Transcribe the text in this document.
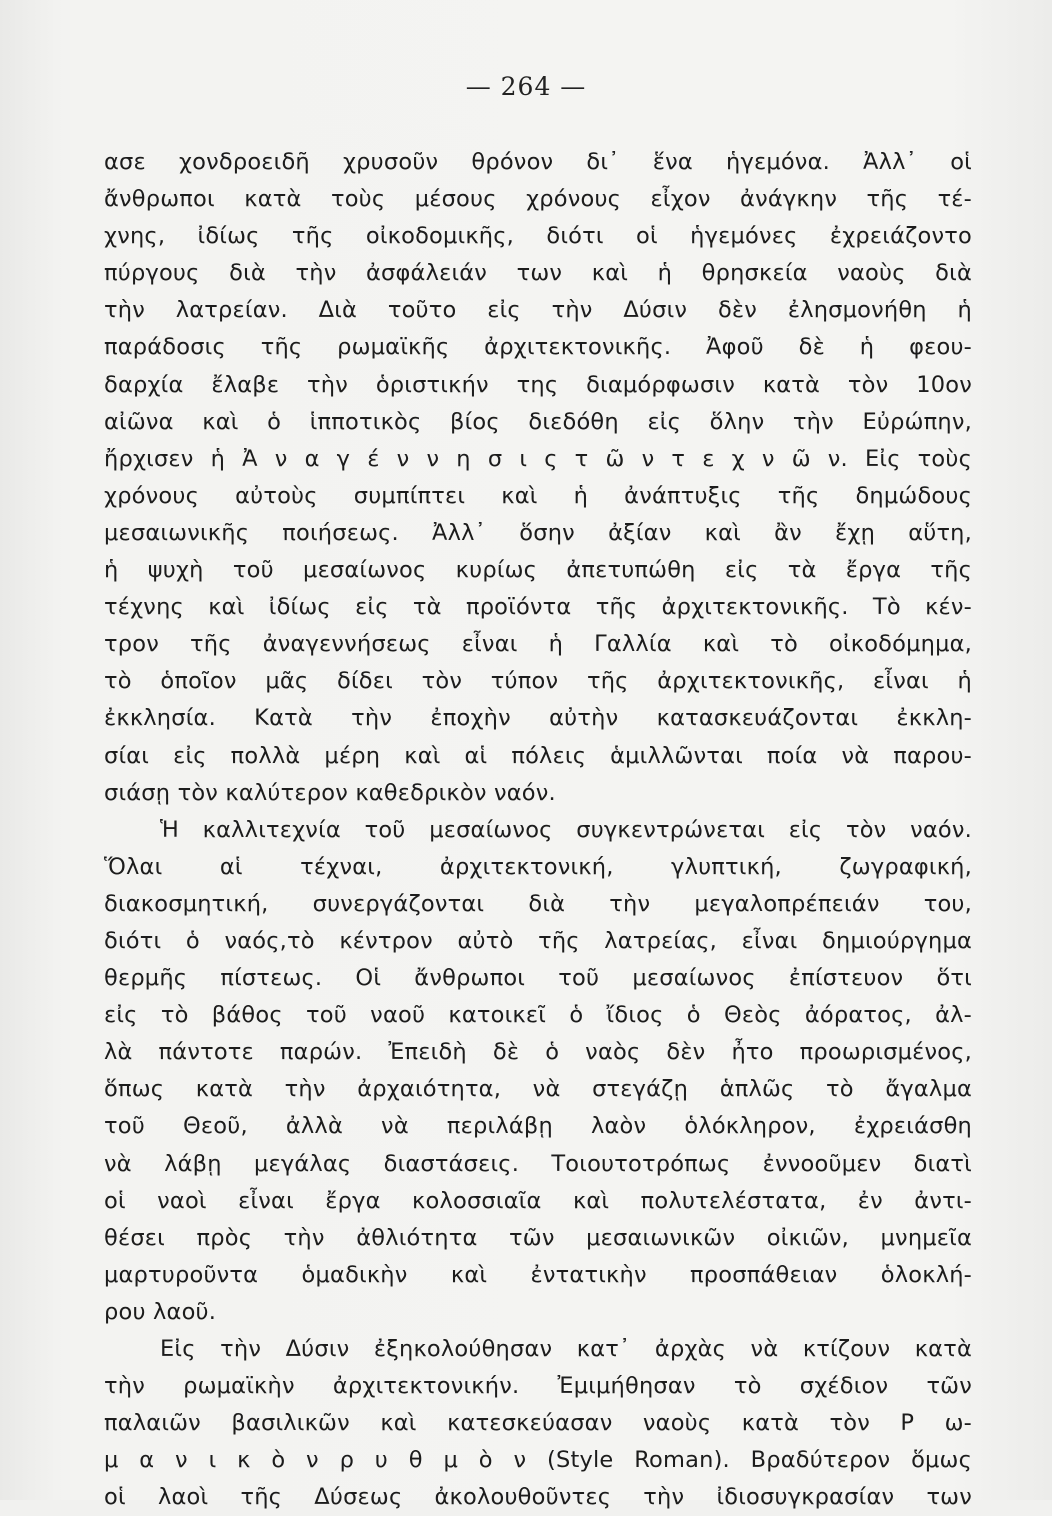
— 264 —
ασε χονδροειδῆ χρυσοῦν θρόνον δι᾽ ἕνα ἡγεμόνα. Ἀλλ᾽ οἱ
ἄνθρωποι κατὰ τοὺς μέσους χρόνους εἶχον ἀνάγκην τῆς τέ-
χνης, ἰδίως τῆς οἰκοδομικῆς, διότι οἱ ἡγεμόνες ἐχρειάζοντο
πύργους διὰ τὴν ἀσφάλειάν των καὶ ἡ θρησκεία ναοὺς διὰ
τὴν λατρείαν. Διὰ τοῦτο εἰς τὴν Δύσιν δὲν ἐλησμονήθη ἡ
παράδοσις τῆς ρωμαϊκῆς ἀρχιτεκτονικῆς. Ἀφοῦ δὲ ἡ φεου-
δαρχία ἔλαβε τὴν ὁριστικήν της διαμόρφωσιν κατὰ τὸν 10ον
αἰῶνα καὶ ὁ ἱπποτικὸς βίος διεδόθη εἰς ὅλην τὴν Εὐρώπην,
ἤρχισεν ἡ Ἀ ν α γ έ ν ν η σ ι ς τ ῶ ν τ ε χ ν ῶ ν. Εἰς τοὺς
χρόνους αὐτοὺς συμπίπτει καὶ ἡ ἀνάπτυξις τῆς δημώδους
μεσαιωνικῆς ποιήσεως. Ἀλλ᾽ ὅσην ἀξίαν καὶ ἂν ἔχῃ αὕτη,
ἡ ψυχὴ τοῦ μεσαίωνος κυρίως ἀπετυπώθη εἰς τὰ ἔργα τῆς
τέχνης καὶ ἰδίως εἰς τὰ προϊόντα τῆς ἀρχιτεκτονικῆς. Τὸ κέν-
τρον τῆς ἀναγεννήσεως εἶναι ἡ Γαλλία καὶ τὸ οἰκοδόμημα,
τὸ ὁποῖον μᾶς δίδει τὸν τύπον τῆς ἀρχιτεκτονικῆς, εἶναι ἡ
ἐκκλησία. Κατὰ τὴν ἐποχὴν αὐτὴν κατασκευάζονται ἐκκλη-
σίαι εἰς πολλὰ μέρη καὶ αἱ πόλεις ἁμιλλῶνται ποία νὰ παρου-
σιάσῃ τὸν καλύτερον καθεδρικὸν ναόν.
Ἡ καλλιτεχνία τοῦ μεσαίωνος συγκεντρώνεται εἰς τὸν ναόν.
Ὅλαι αἱ τέχναι, ἀρχιτεκτονική, γλυπτική, ζωγραφική,
διακοσμητική, συνεργάζονται διὰ τὴν μεγαλοπρέπειάν του,
διότι ὁ ναός,τὸ κέντρον αὐτὸ τῆς λατρείας, εἶναι δημιούργημα
θερμῆς πίστεως. Οἱ ἄνθρωποι τοῦ μεσαίωνος ἐπίστευον ὅτι
εἰς τὸ βάθος τοῦ ναοῦ κατοικεῖ ὁ ἴδιος ὁ Θεὸς ἀόρατος, ἀλ-
λὰ πάντοτε παρών. Ἐπειδὴ δὲ ὁ ναὸς δὲν ἦτο προωρισμένος,
ὅπως κατὰ τὴν ἀρχαιότητα, νὰ στεγάζῃ ἁπλῶς τὸ ἄγαλμα
τοῦ Θεοῦ, ἀλλὰ νὰ περιλάβῃ λαὸν ὁλόκληρον, ἐχρειάσθη
νὰ λάβῃ μεγάλας διαστάσεις. Τοιουτοτρόπως ἐννοοῦμεν διατὶ
οἱ ναοὶ εἶναι ἔργα κολοσσιαῖα καὶ πολυτελέστατα, ἐν ἀντι-
θέσει πρὸς τὴν ἀθλιότητα τῶν μεσαιωνικῶν οἰκιῶν, μνημεῖα
μαρτυροῦντα ὁμαδικὴν καὶ ἐντατικὴν προσπάθειαν ὁλοκλή-
ρου λαοῦ.
Εἰς τὴν Δύσιν ἐξηκολούθησαν κατ᾽ ἀρχὰς νὰ κτίζουν κατὰ
τὴν ρωμαϊκὴν ἀρχιτεκτονικήν. Ἐμιμήθησαν τὸ σχέδιον τῶν
παλαιῶν βασιλικῶν καὶ κατεσκεύασαν ναοὺς κατὰ τὸν Ρ ω-
μ α ν ι κ ὸ ν ρ υ θ μ ὸ ν (Style Roman). Βραδύτερον ὅμως
οἱ λαοὶ τῆς Δύσεως ἀκολουθοῦντες τὴν ἰδιοσυγκρασίαν των
